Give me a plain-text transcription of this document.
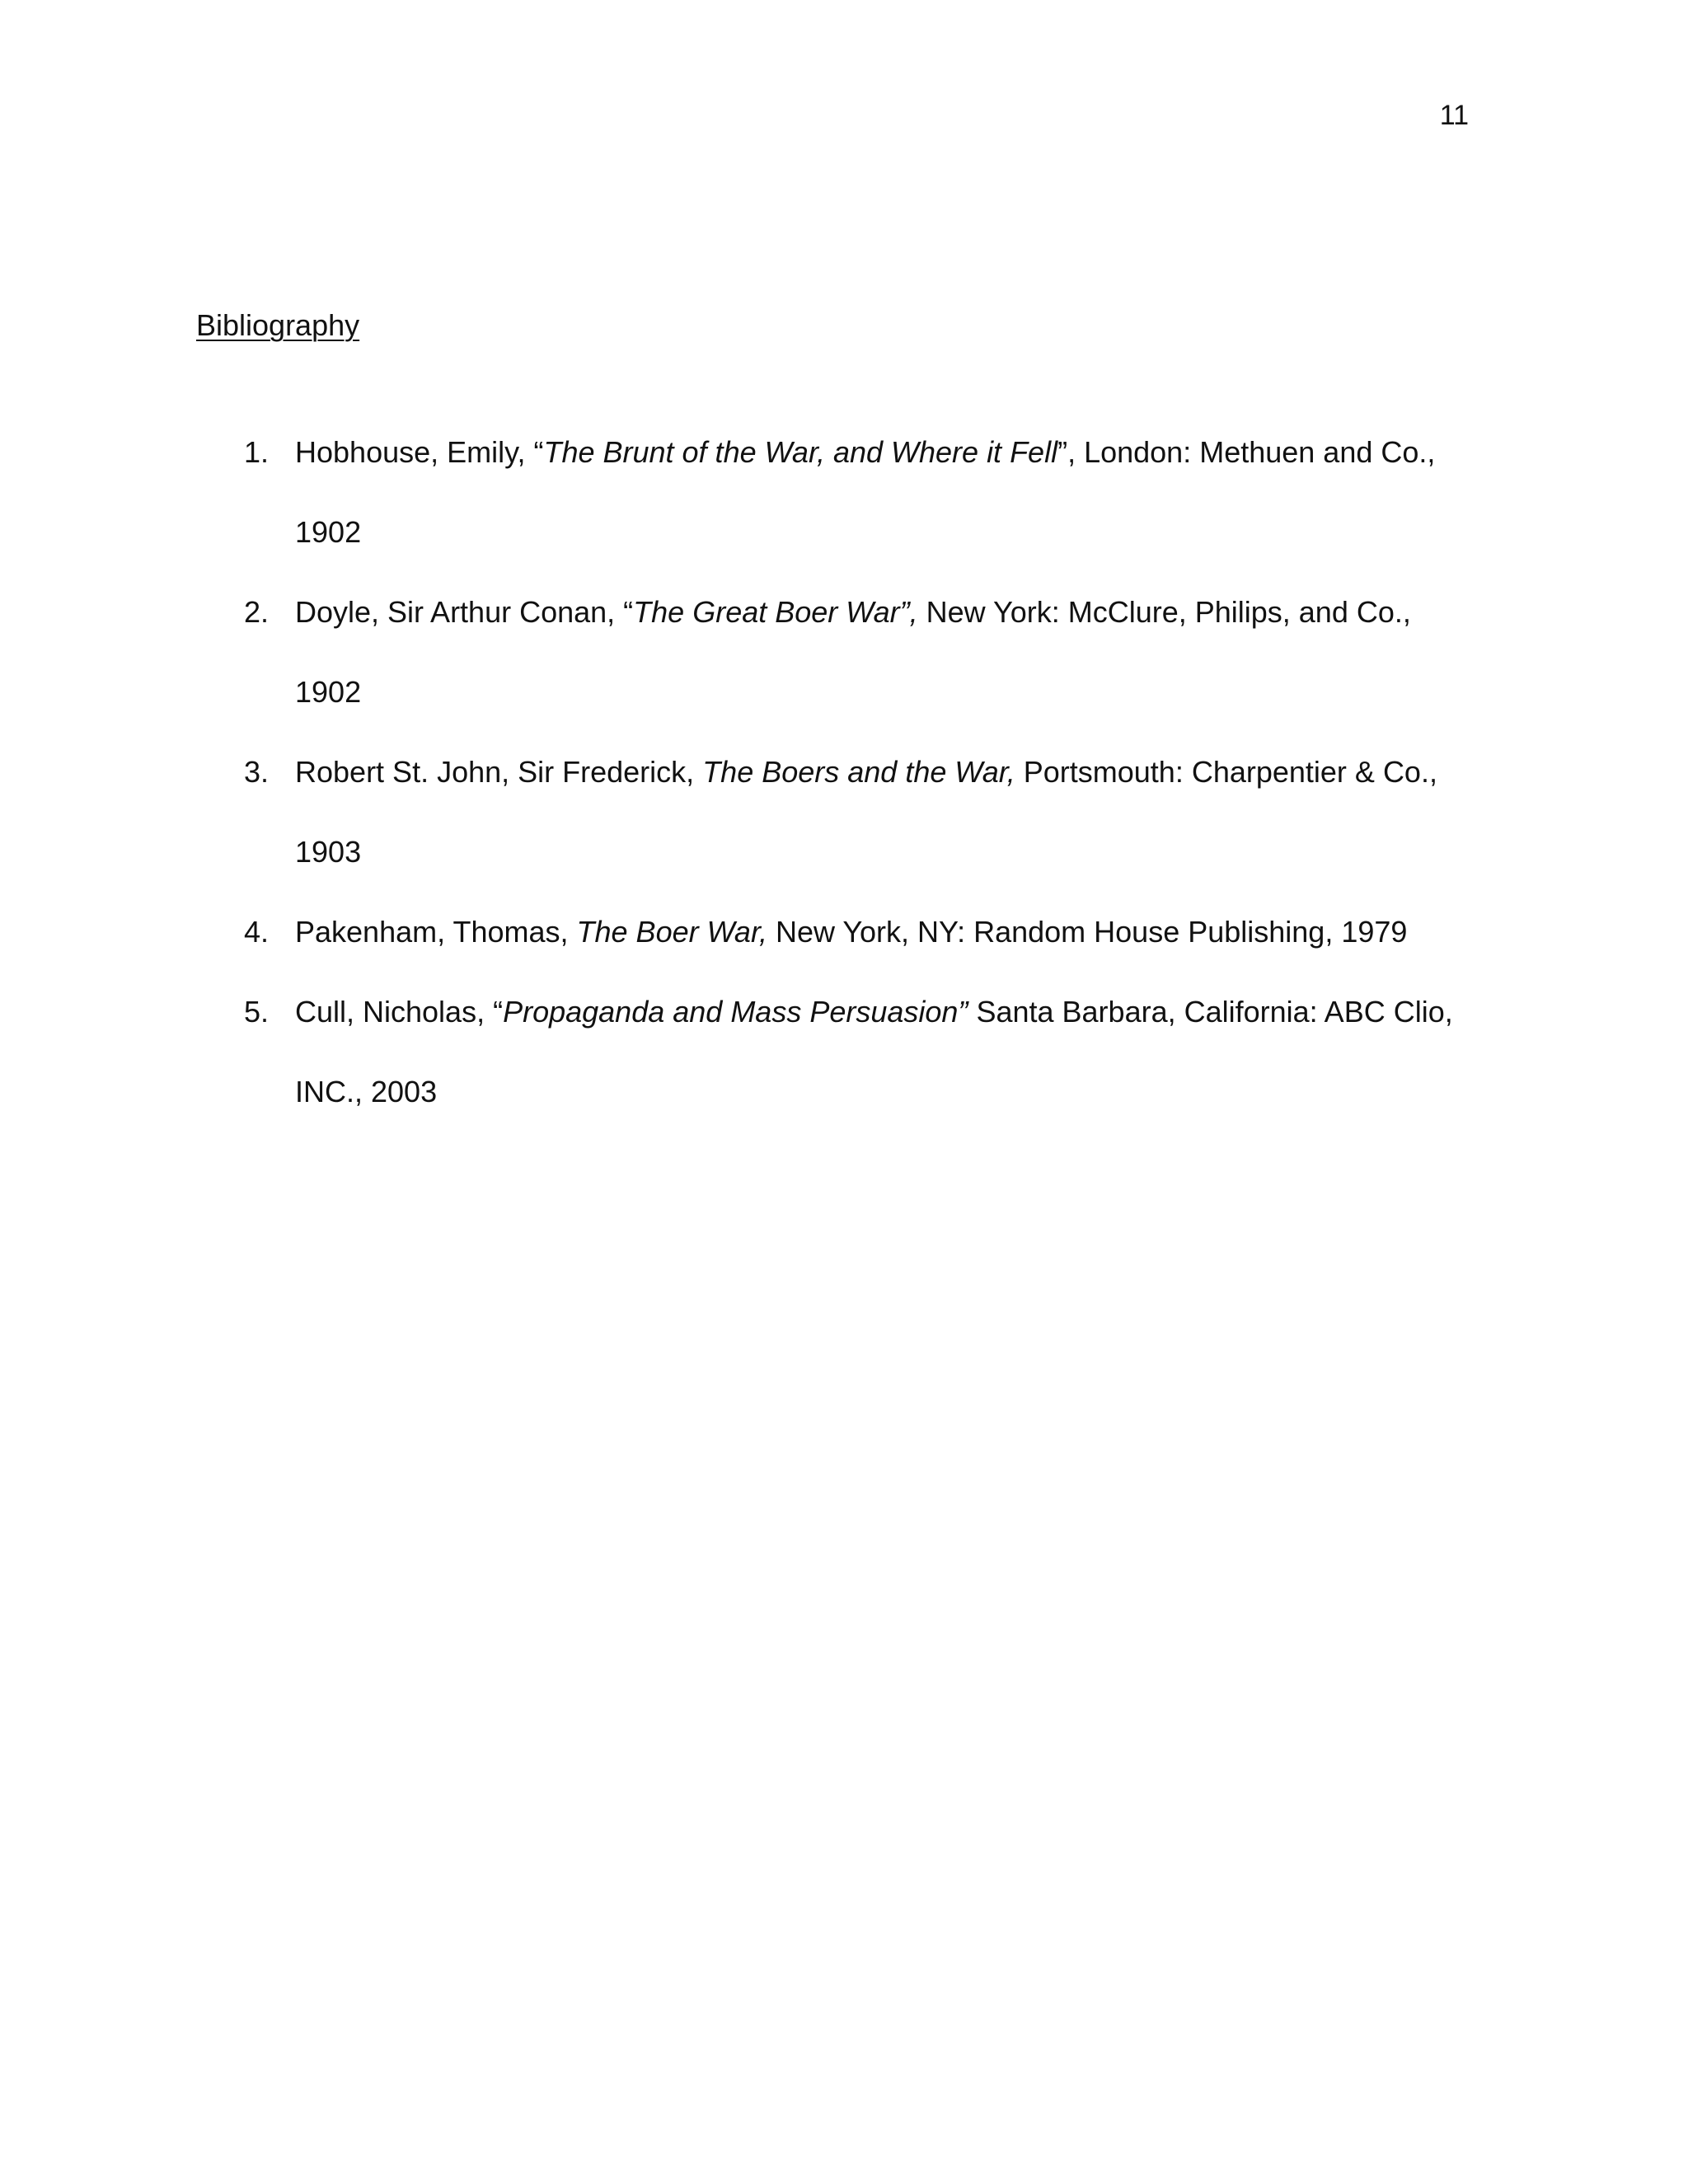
11
Bibliography
1. Hobhouse, Emily, “The Brunt of the War, and Where it Fell”, London: Methuen and Co.,
1902
2. Doyle, Sir Arthur Conan, “The Great Boer War”, New York: McClure, Philips, and Co.,
1902
3. Robert St. John, Sir Frederick, The Boers and the War, Portsmouth: Charpentier & Co.,
1903
4. Pakenham, Thomas, The Boer War, New York, NY: Random House Publishing, 1979
5. Cull, Nicholas, “Propaganda and Mass Persuasion” Santa Barbara, California: ABC Clio,
INC., 2003
